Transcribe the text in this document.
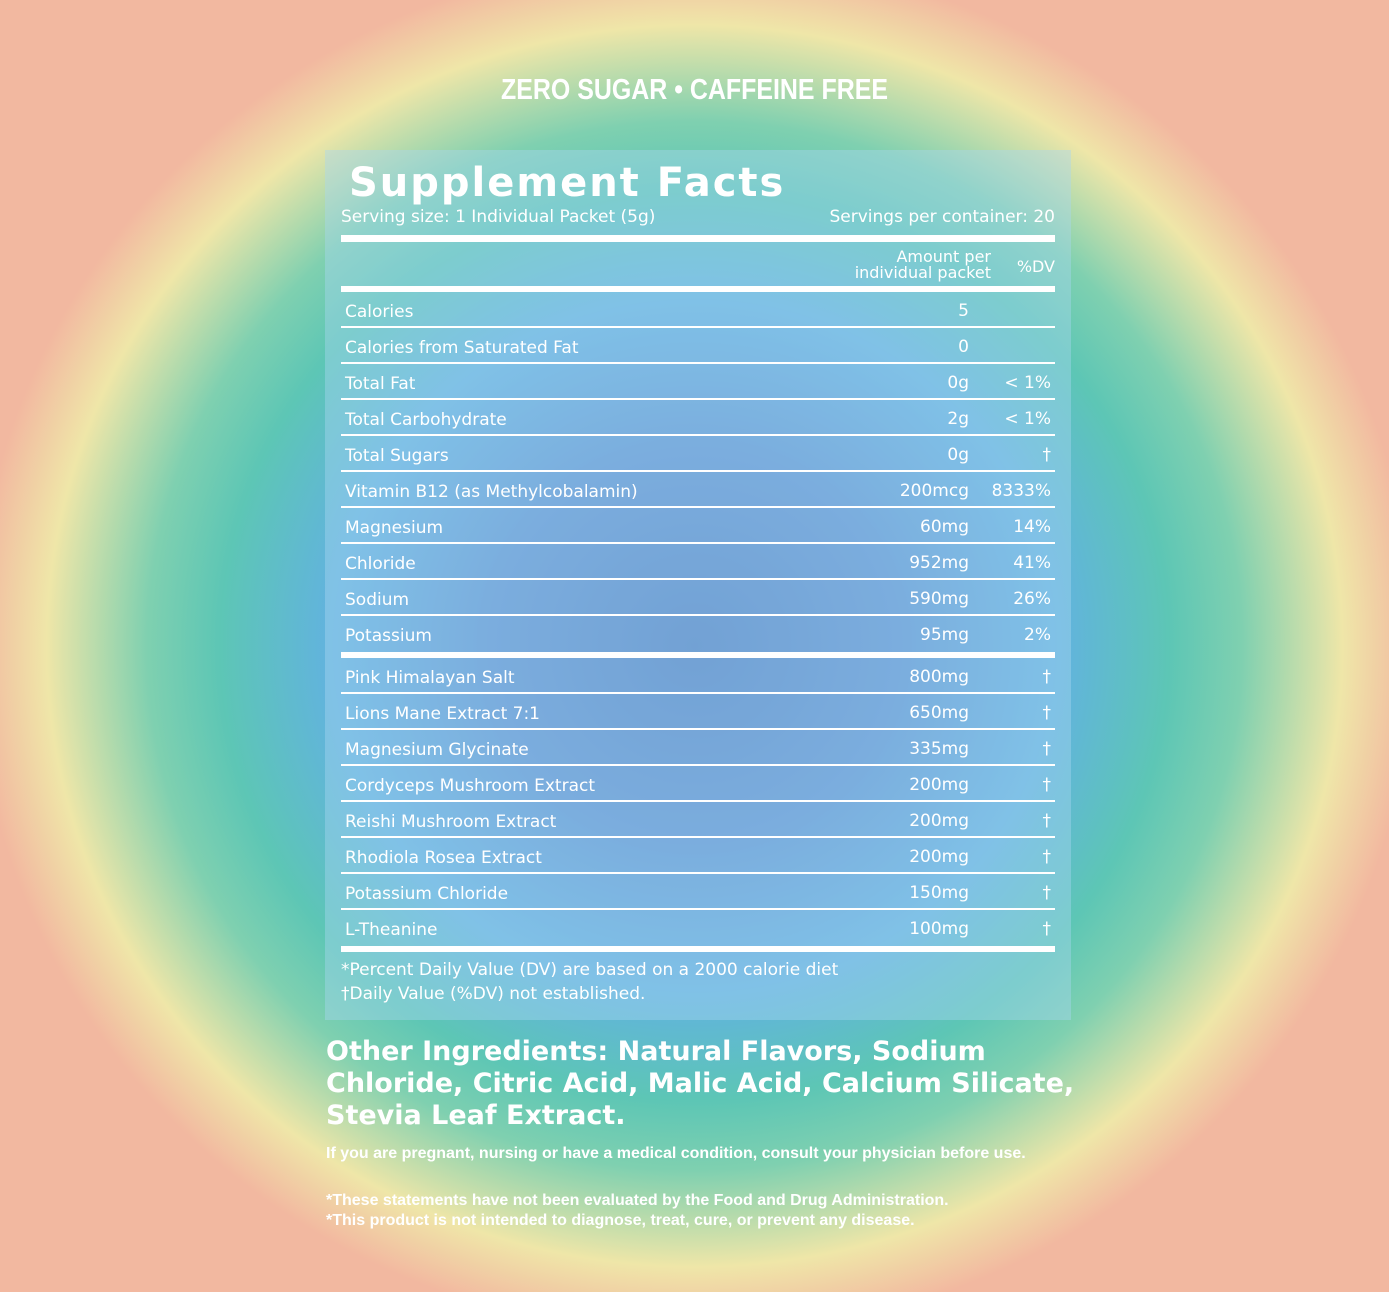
ZERO SUGAR • CAFFEINE FREE
Supplement Facts
Serving size: 1 Individual Packet (5g)	Servings per container: 20
Amount per
individual packet %DV
Calories	5
Calories from Saturated Fat	0
Total Fat	0g < 1%
Total Carbohydrate	2g < 1%
Total Sugars	0g	†
Vitamin B12 (as Methylcobalamin)	200mcg 8333%
Magnesium	60mg	14%
Chloride	952mg	41%
Sodium	590mg	26%
Potassium	95mg	2%
Pink Himalayan Salt	800mg	†
Lions Mane Extract 7:1	650mg	†
Magnesium Glycinate	335mg	†
Cordyceps Mushroom Extract	200mg	†
Reishi Mushroom Extract	200mg	†
Rhodiola Rosea Extract	200mg	†
Potassium Chloride	150mg	†
L-Theanine	100mg	†
*Percent Daily Value (DV) are based on a 2000 calorie diet
†Daily Value (%DV) not established.
Other Ingredients: Natural Flavors, Sodium Chloride, Citric Acid, Malic Acid, Calcium Silicate, Stevia Leaf Extract.
If you are pregnant, nursing or have a medical condition, consult your physician before use.
*These statements have not been evaluated by the Food and Drug Administration.
*This product is not intended to diagnose, treat, cure, or prevent any disease.
